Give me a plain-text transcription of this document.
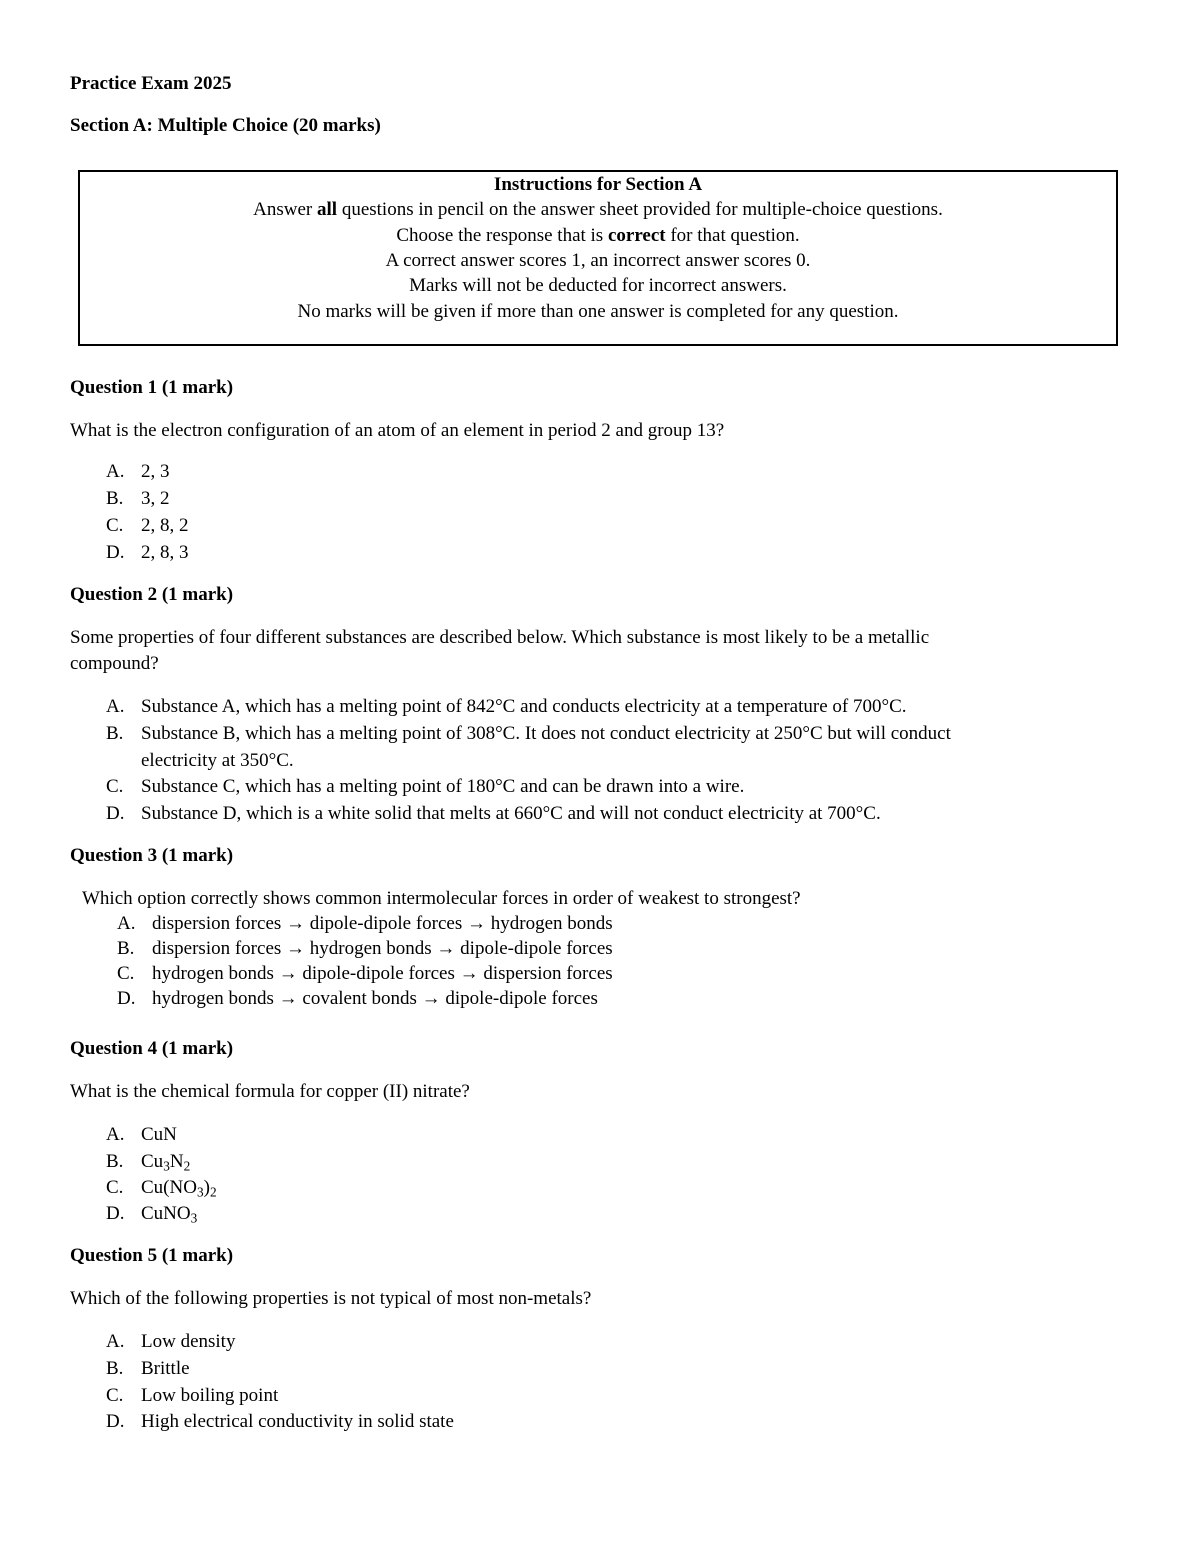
Practice Exam 2025
Section A: Multiple Choice (20 marks)
Instructions for Section A
Answer all questions in pencil on the answer sheet provided for multiple-choice questions.
Choose the response that is correct for that question.
A correct answer scores 1, an incorrect answer scores 0.
Marks will not be deducted for incorrect answers.
No marks will be given if more than one answer is completed for any question.
Question 1 (1 mark)
What is the electron configuration of an atom of an element in period 2 and group 13?
A. 2, 3
B. 3, 2
C. 2, 8, 2
D. 2, 8, 3
Question 2 (1 mark)
Some properties of four different substances are described below. Which substance is most likely to be a metallic
compound?
A. Substance A, which has a melting point of 842°C and conducts electricity at a temperature of 700°C.
B. Substance B, which has a melting point of 308°C. It does not conduct electricity at 250°C but will conduct
electricity at 350°C.
C. Substance C, which has a melting point of 180°C and can be drawn into a wire.
D. Substance D, which is a white solid that melts at 660°C and will not conduct electricity at 700°C.
Question 3 (1 mark)
Which option correctly shows common intermolecular forces in order of weakest to strongest?
A. dispersion forces → dipole-dipole forces → hydrogen bonds
B. dispersion forces → hydrogen bonds → dipole-dipole forces
C. hydrogen bonds → dipole-dipole forces → dispersion forces
D. hydrogen bonds → covalent bonds → dipole-dipole forces
Question 4 (1 mark)
What is the chemical formula for copper (II) nitrate?
A. CuN
B. $Cu_3N_2$
C. $Cu(NO_3)_2$
D. CuNO$_3$
Question 5 (1 mark)
Which of the following properties is not typical of most non-metals?
A. Low density
B. Brittle
C. Low boiling point
D. High electrical conductivity in solid state
